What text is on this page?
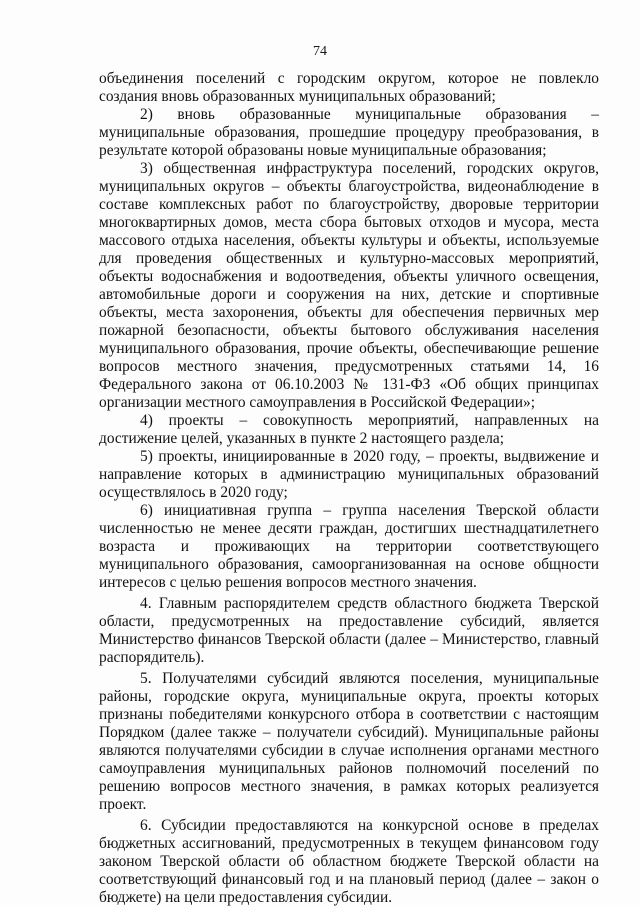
74

объединения поселений с городским округом, которое не повлекло создания вновь образованных муниципальных образований;

2) вновь образованные муниципальные образования – муниципальные образования, прошедшие процедуру преобразования, в результате которой образованы новые муниципальные образования;

3) общественная инфраструктура поселений, городских округов, муниципальных округов – объекты благоустройства, видеонаблюдение в составе комплексных работ по благоустройству, дворовые территории многоквартирных домов, места сбора бытовых отходов и мусора, места массового отдыха населения, объекты культуры и объекты, используемые для проведения общественных и культурно-массовых мероприятий, объекты водоснабжения и водоотведения, объекты уличного освещения, автомобильные дороги и сооружения на них, детские и спортивные объекты, места захоронения, объекты для обеспечения первичных мер пожарной безопасности, объекты бытового обслуживания населения муниципального образования, прочие объекты, обеспечивающие решение вопросов местного значения, предусмотренных статьями 14, 16 Федерального закона от 06.10.2003 № 131-ФЗ «Об общих принципах организации местного самоуправления в Российской Федерации»;

4) проекты – совокупность мероприятий, направленных на достижение целей, указанных в пункте 2 настоящего раздела;

5) проекты, инициированные в 2020 году, – проекты, выдвижение и направление которых в администрацию муниципальных образований осуществлялось в 2020 году;

6) инициативная группа – группа населения Тверской области численностью не менее десяти граждан, достигших шестнадцатилетнего возраста и проживающих на территории соответствующего муниципального образования, самоорганизованная на основе общности интересов с целью решения вопросов местного значения.

4. Главным распорядителем средств областного бюджета Тверской области, предусмотренных на предоставление субсидий, является Министерство финансов Тверской области (далее – Министерство, главный распорядитель).

5. Получателями субсидий являются поселения, муниципальные районы, городские округа, муниципальные округа, проекты которых признаны победителями конкурсного отбора в соответствии с настоящим Порядком (далее также – получатели субсидий). Муниципальные районы являются получателями субсидии в случае исполнения органами местного самоуправления муниципальных районов полномочий поселений по решению вопросов местного значения, в рамках которых реализуется проект.

6. Субсидии предоставляются на конкурсной основе в пределах бюджетных ассигнований, предусмотренных в текущем финансовом году законом Тверской области об областном бюджете Тверской области на соответствующий финансовый год и на плановый период (далее – закон о бюджете) на цели предоставления субсидии.
